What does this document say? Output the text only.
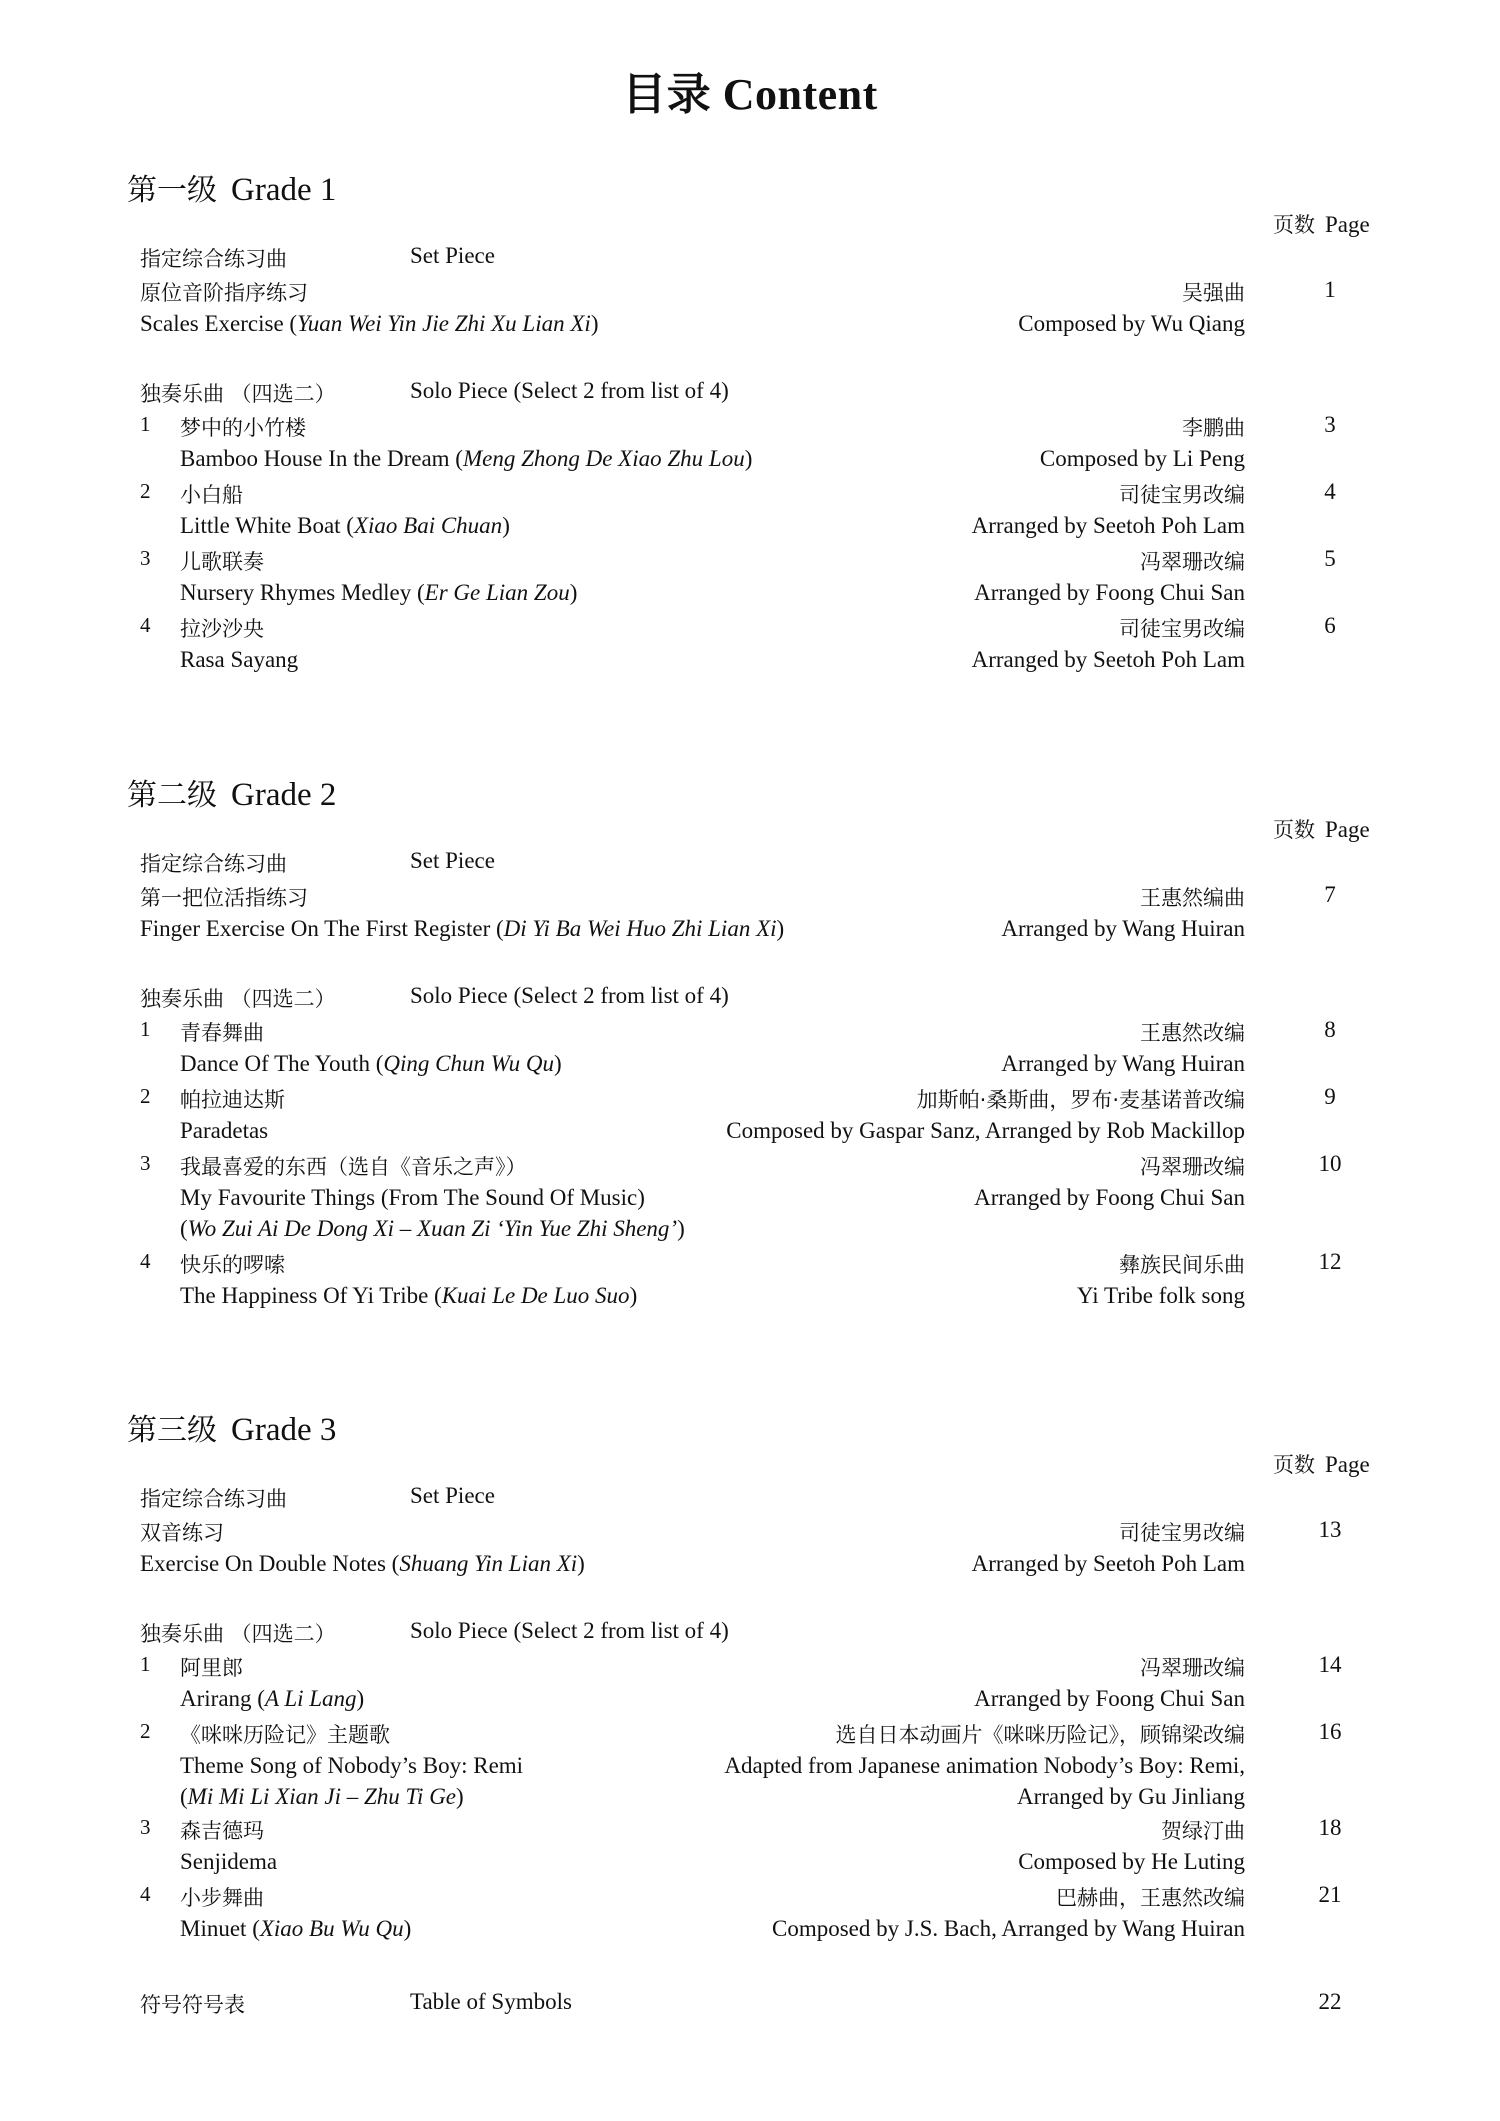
目录 Content
第一级 Grade 1
页数 Page
指定综合练习曲	Set Piece
原位音阶指序练习	吴强曲	1
Scales Exercise (Yuan Wei Yin Jie Zhi Xu Lian Xi)	Composed by Wu Qiang
独奏乐曲 （四选二）	Solo Piece (Select 2 from list of 4)
1 梦中的小竹楼	李鹏曲	3
Bamboo House In the Dream (Meng Zhong De Xiao Zhu Lou)	Composed by Li Peng
2 小白船	司徒宝男改编	4
Little White Boat (Xiao Bai Chuan)	Arranged by Seetoh Poh Lam
3 儿歌联奏	冯翠珊改编	5
Nursery Rhymes Medley (Er Ge Lian Zou)	Arranged by Foong Chui San
4 拉沙沙央	司徒宝男改编	6
Rasa Sayang	Arranged by Seetoh Poh Lam
第二级 Grade 2
页数 Page
指定综合练习曲	Set Piece
第一把位活指练习	王惠然编曲	7
Finger Exercise On The First Register (Di Yi Ba Wei Huo Zhi Lian Xi)	Arranged by Wang Huiran
独奏乐曲 （四选二）	Solo Piece (Select 2 from list of 4)
1 青春舞曲	王惠然改编	8
Dance Of The Youth (Qing Chun Wu Qu)	Arranged by Wang Huiran
2 帕拉迪达斯	加斯帕·桑斯曲，罗布·麦基诺普改编	9
Paradetas	Composed by Gaspar Sanz, Arranged by Rob Mackillop
3 我最喜爱的东西（选自《音乐之声》）	冯翠珊改编	10
My Favourite Things (From The Sound Of Music)	Arranged by Foong Chui San
(Wo Zui Ai De Dong Xi – Xuan Zi ‘Yin Yue Zhi Sheng’)
4 快乐的啰嗦	彝族民间乐曲	12
The Happiness Of Yi Tribe (Kuai Le De Luo Suo)	Yi Tribe folk song
第三级 Grade 3
页数 Page
指定综合练习曲	Set Piece
双音练习	司徒宝男改编	13
Exercise On Double Notes (Shuang Yin Lian Xi)	Arranged by Seetoh Poh Lam
独奏乐曲 （四选二）	Solo Piece (Select 2 from list of 4)
1 阿里郎	冯翠珊改编	14
Arirang (A Li Lang)	Arranged by Foong Chui San
2 《咪咪历险记》主题歌	选自日本动画片《咪咪历险记》，顾锦梁改编	16
Theme Song of Nobody’s Boy: Remi	Adapted from Japanese animation Nobody’s Boy: Remi,
(Mi Mi Li Xian Ji – Zhu Ti Ge)	Arranged by Gu Jinliang
3 森吉德玛	贺绿汀曲	18
Senjidema	Composed by He Luting
4 小步舞曲	巴赫曲，王惠然改编	21
Minuet (Xiao Bu Wu Qu)	Composed by J.S. Bach, Arranged by Wang Huiran
符号符号表	Table of Symbols	22
